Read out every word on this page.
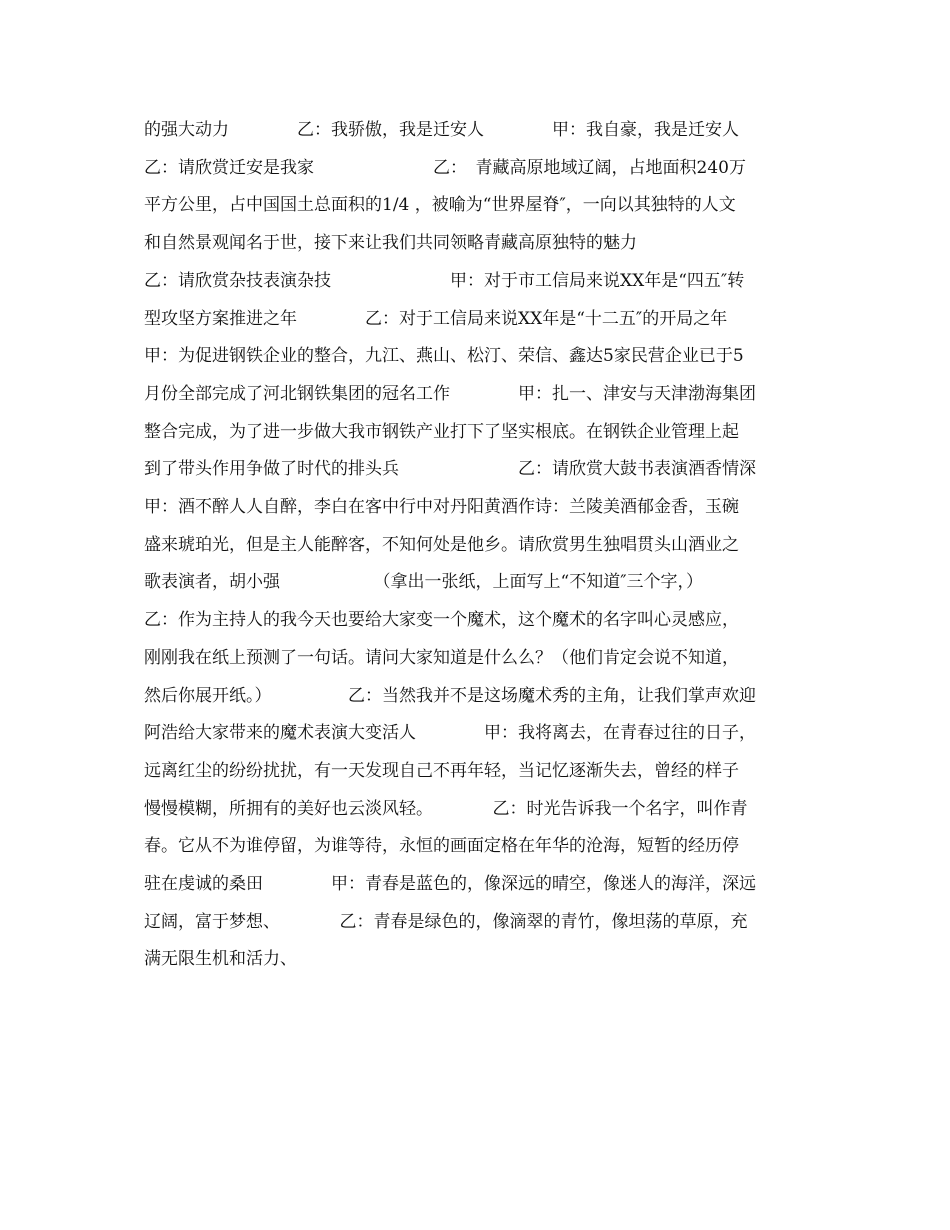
的强大动力　　　　乙：我骄傲，我是迁安人　　　　甲：我自豪，我是迁安人
乙：请欣赏迁安是我家　　　　　　　乙：　青藏高原地域辽阔，占地面积240万
平方公里，占中国国土总面积的1/4 ，被喻为“世界屋脊″，一向以其独特的人文
和自然景观闻名于世，接下来让我们共同领略青藏高原独特的魅力
乙：请欣赏杂技表演杂技　　　　　　　甲：对于市工信局来说XX年是“四五″转
型攻坚方案推进之年　　　　乙：对于工信局来说XX年是“十二五″的开局之年
甲：为促进钢铁企业的整合，九江、燕山、松汀、荣信、鑫达5家民营企业已于5
月份全部完成了河北钢铁集团的冠名工作　　　　甲：扎一、津安与天津渤海集团
整合完成，为了进一步做大我市钢铁产业打下了坚实根底。在钢铁企业管理上起
到了带头作用争做了时代的排头兵　　　　　　　乙：请欣赏大鼓书表演酒香情深
甲：酒不醉人人自醉，李白在客中行中对丹阳黄酒作诗：兰陵美酒郁金香，玉碗
盛来琥珀光，但是主人能醉客，不知何处是他乡。请欣赏男生独唱贯头山酒业之
歌表演者，胡小强　　　　　　（拿出一张纸，上面写上“不知道″三个字，）
乙：作为主持人的我今天也要给大家变一个魔术，这个魔术的名字叫心灵感应，
刚刚我在纸上预测了一句话。请问大家知道是什么么？（他们肯定会说不知道，
然后你展开纸。）　　　　　乙：当然我并不是这场魔术秀的主角，让我们掌声欢迎
阿浩给大家带来的魔术表演大变活人　　　　甲：我将离去，在青春过往的日子，
远离红尘的纷纷扰扰，有一天发现自己不再年轻，当记忆逐渐失去，曾经的样子
慢慢模糊，所拥有的美好也云淡风轻。　　　　乙：时光告诉我一个名字，叫作青
春。它从不为谁停留，为谁等待，永恒的画面定格在年华的沧海，短暂的经历停
驻在虔诚的桑田　　　　甲：青春是蓝色的，像深远的晴空，像迷人的海洋，深远
辽阔，富于梦想、　　　　乙：青春是绿色的，像滴翠的青竹，像坦荡的草原，充
满无限生机和活力、
